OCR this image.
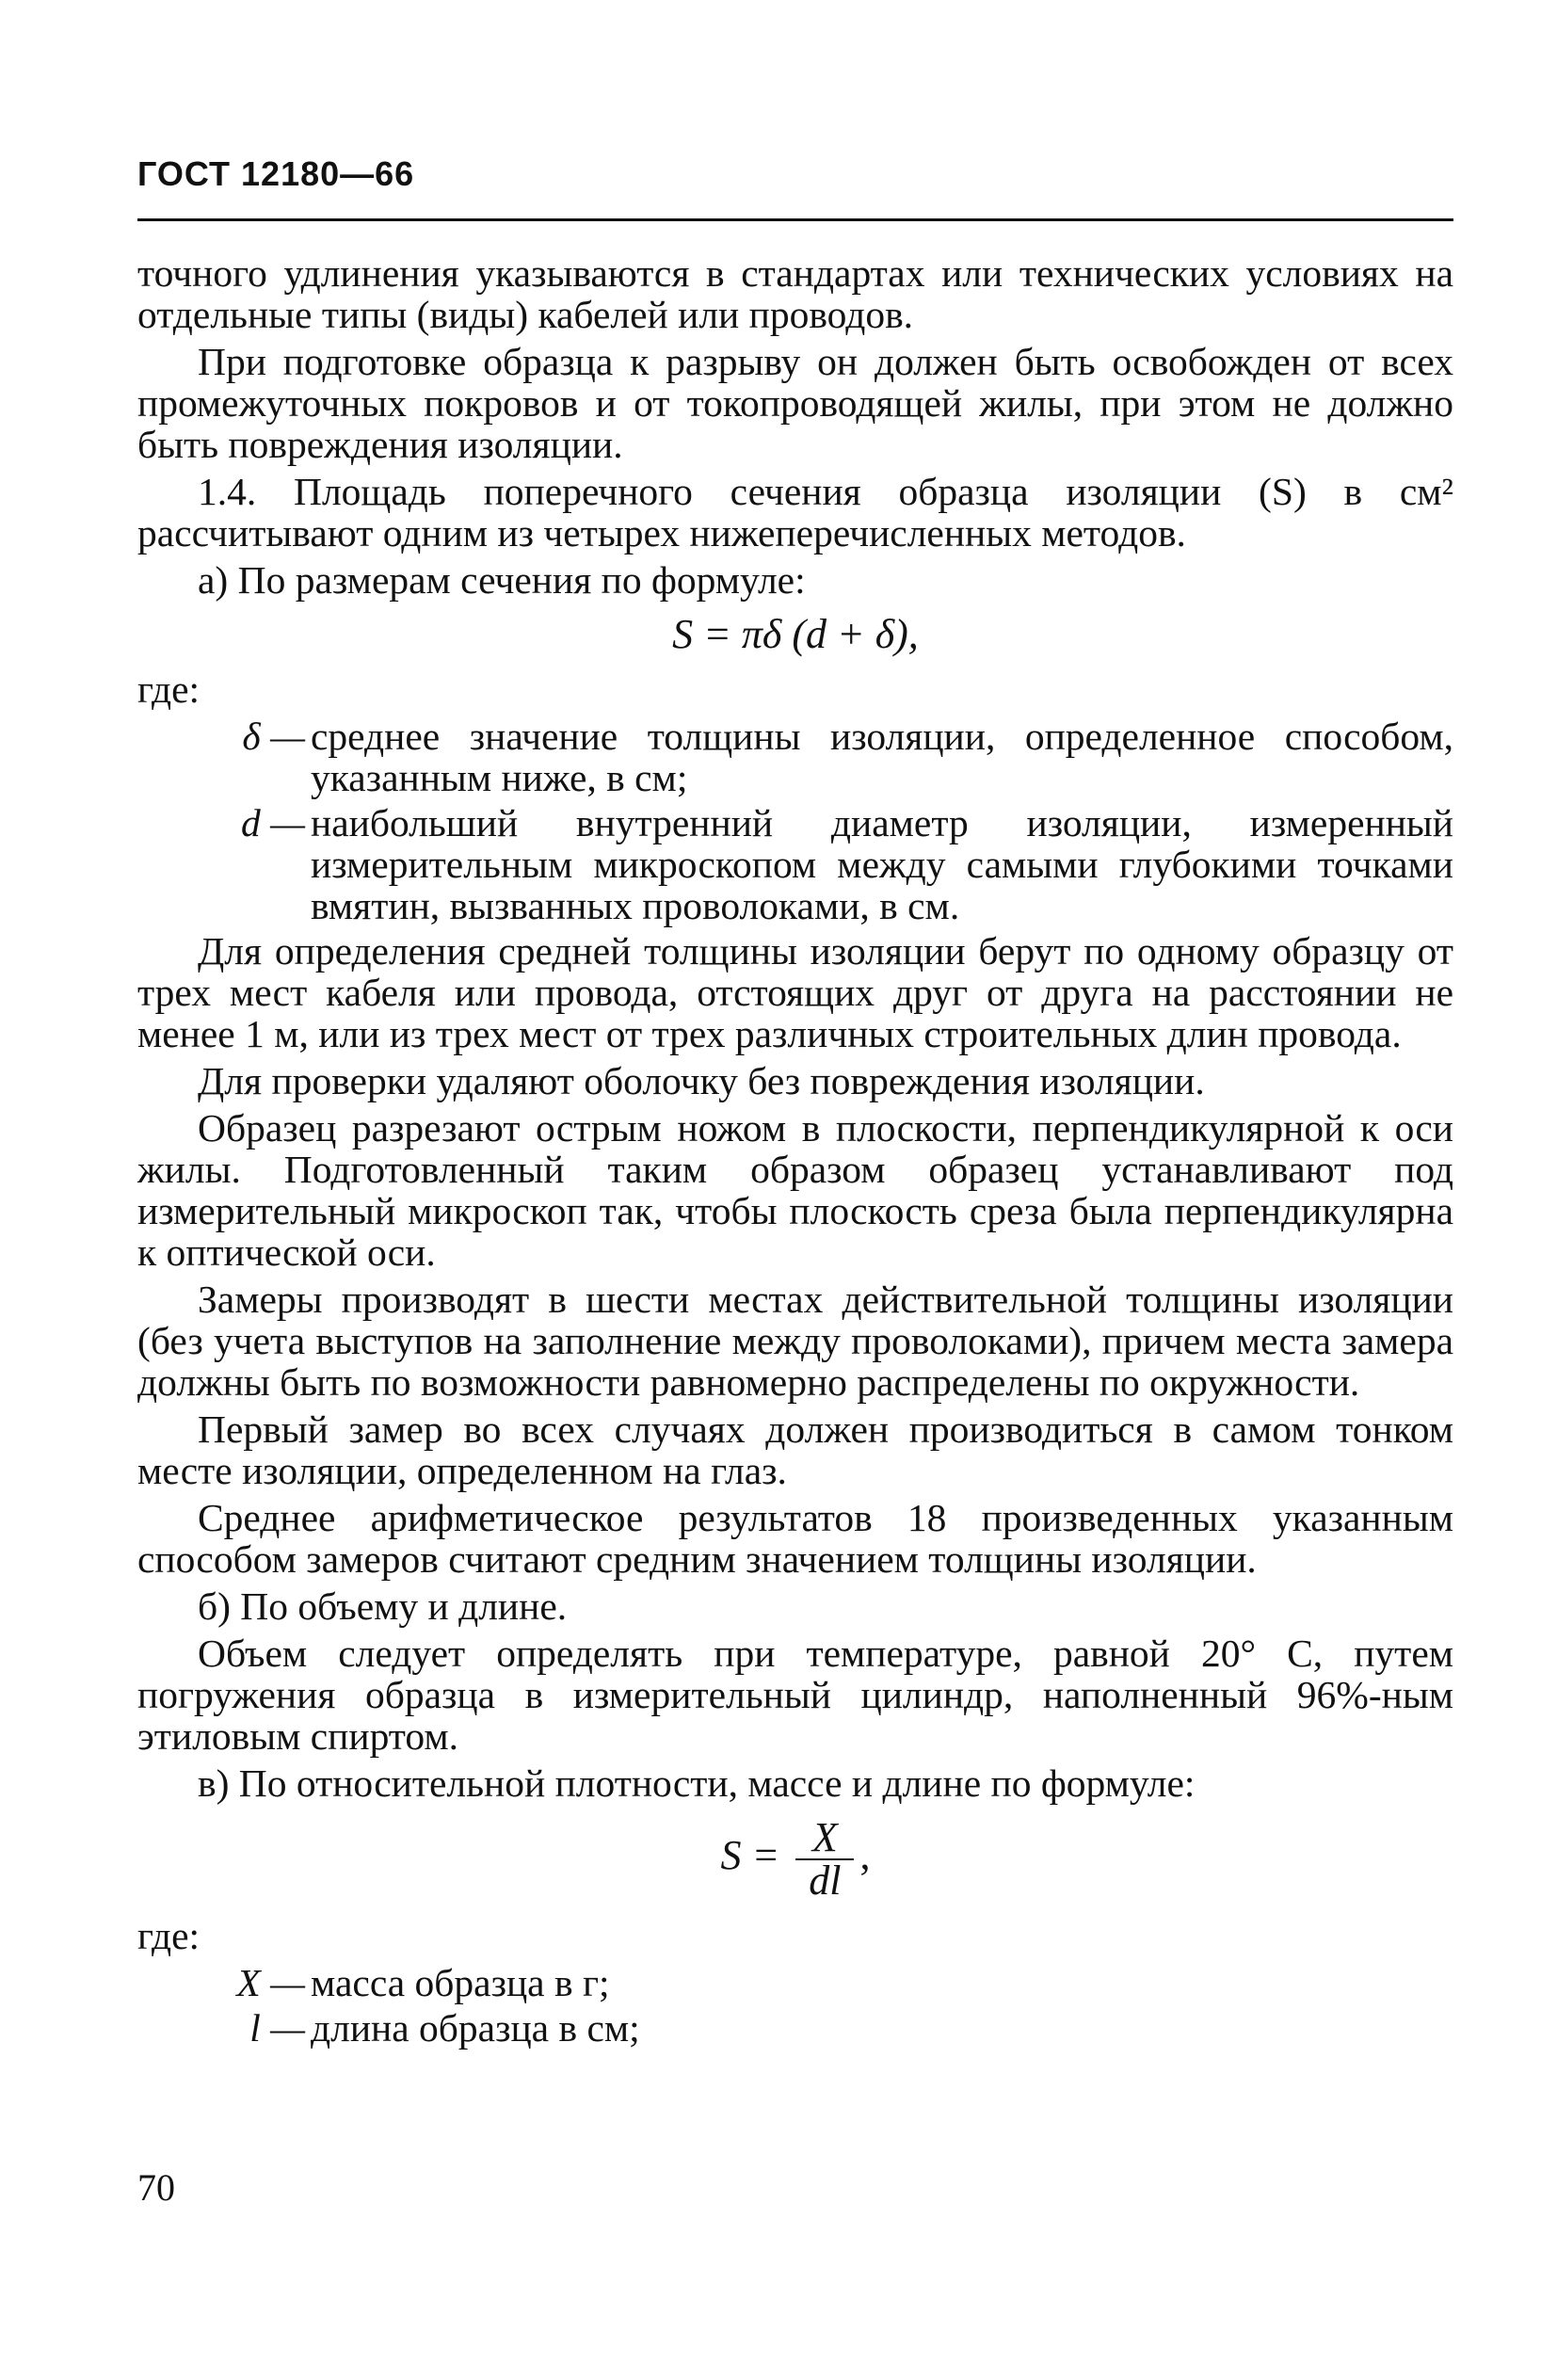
ГОСТ 12180—66

точного удлинения указываются в стандартах или технических условиях на отдельные типы (виды) кабелей или проводов.

При подготовке образца к разрыву он должен быть освобожден от всех промежуточных покровов и от токопроводящей жилы, при этом не должно быть повреждения изоляции.

1.4. Площадь поперечного сечения образца изоляции (S) в см² рассчитывают одним из четырех нижеперечисленных методов.

а) По размерам сечения по формуле:

S = πδ (d + δ),

где:

δ — среднее значение толщины изоляции, определенное способом, указанным ниже, в см;
d — наибольший внутренний диаметр изоляции, измеренный измерительным микроскопом между самыми глубокими точками вмятин, вызванных проволоками, в см.

Для определения средней толщины изоляции берут по одному образцу от трех мест кабеля или провода, отстоящих друг от друга на расстоянии не менее 1 м, или из трех мест от трех различных строительных длин провода.

Для проверки удаляют оболочку без повреждения изоляции.

Образец разрезают острым ножом в плоскости, перпендикулярной к оси жилы. Подготовленный таким образом образец устанавливают под измерительный микроскоп так, чтобы плоскость среза была перпендикулярна к оптической оси.

Замеры производят в шести местах действительной толщины изоляции (без учета выступов на заполнение между проволоками), причем места замера должны быть по возможности равномерно распределены по окружности.

Первый замер во всех случаях должен производиться в самом тонком месте изоляции, определенном на глаз.

Среднее арифметическое результатов 18 произведенных указанным способом замеров считают средним значением толщины изоляции.

б) По объему и длине.

Объем следует определять при температуре, равной 20° С, путем погружения образца в измерительный цилиндр, наполненный 96%-ным этиловым спиртом.

в) По относительной плотности, массе и длине по формуле:

$S = \frac{X}{dl}$ ,

где:

X — масса образца в г;
l — длина образца в см;
70
